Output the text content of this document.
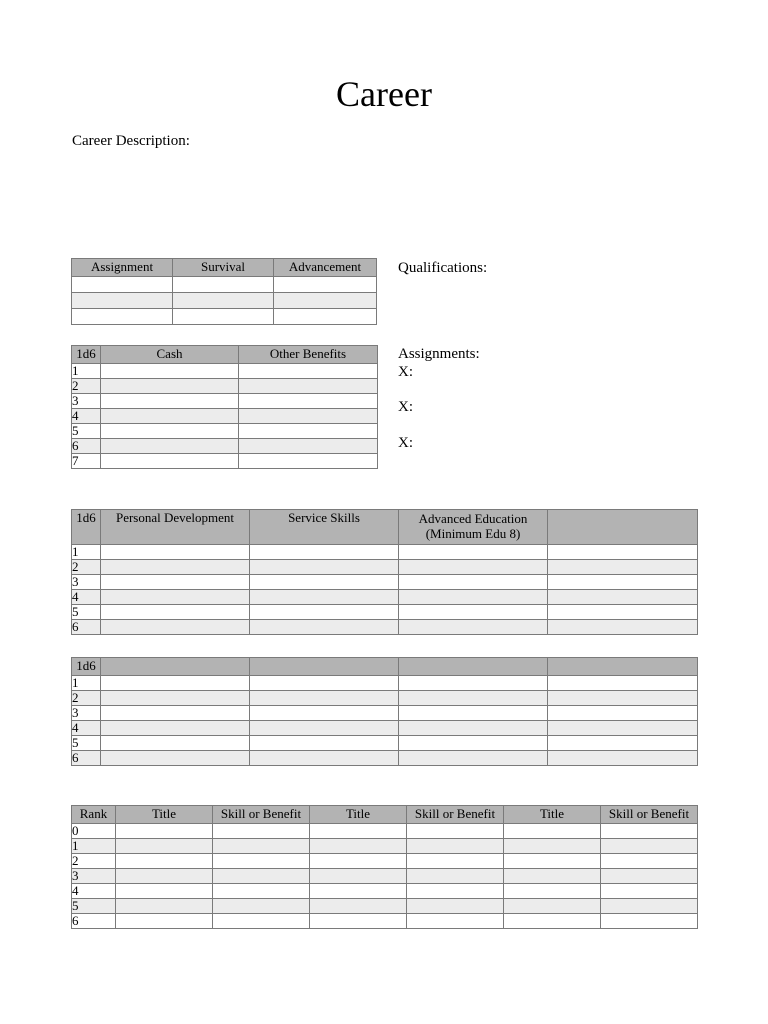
Career
Career Description:
Assignment	Survival	Advancement

		Qualifications:
1d6	Cash	Other Benefits
1		
2		
3		
4		
5		
6		
7		
Assignments:
X:
X:
X:
1d6	Personal Development	Service Skills	Advanced Education
(Minimum Edu 8)	
1				
2				
3				
4				
5				
6				
1d6				
1				
2				
3				
4				
5				
6				
Rank	Title	Skill or Benefit	Title	Skill or Benefit	Title	Skill or Benefit
0						
1						
2						
3						
4						
5						
6						
